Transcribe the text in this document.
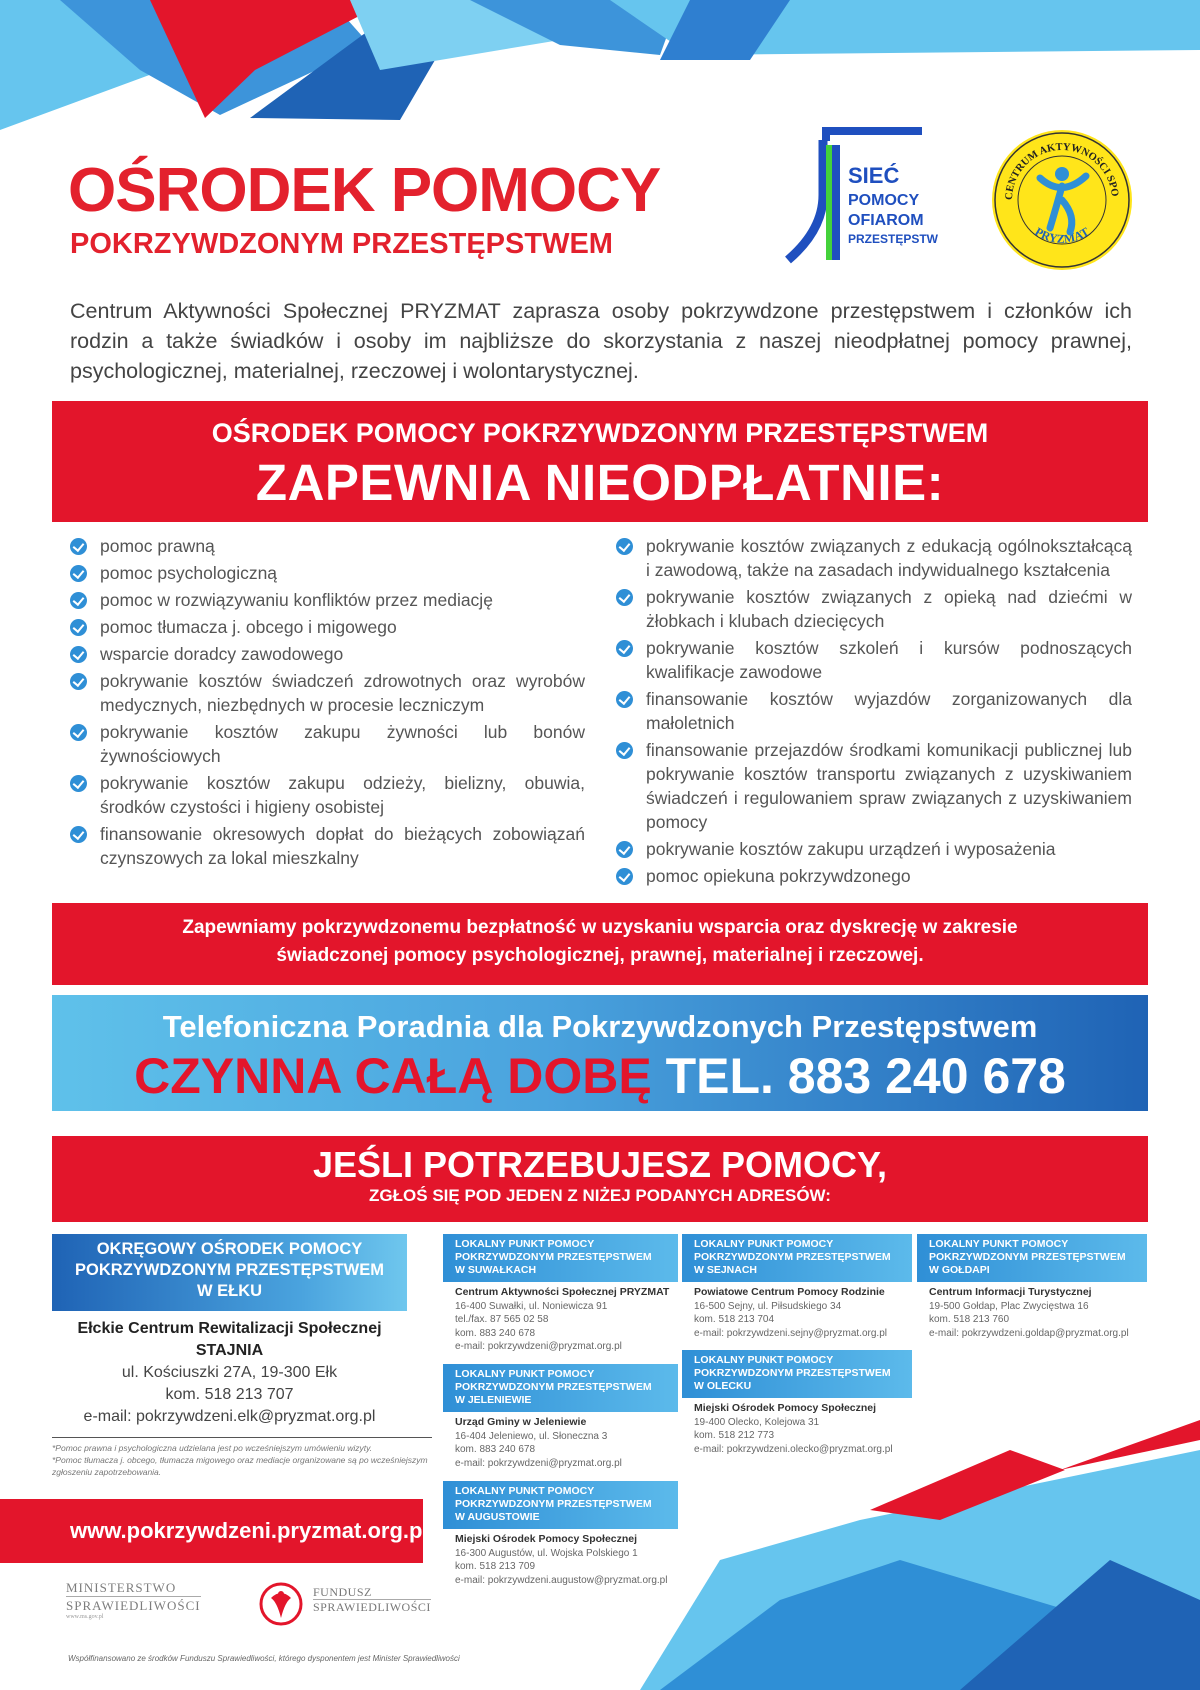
OŚRODEK POMOCY
POKRZYWDZONYM PRZESTĘPSTWEM
SIEĆ
POMOCY
OFIAROM
PRZESTĘPSTW
CENTRUM AKTYWNOŚCI SPO
PRYZMAT
Centrum Aktywności Społecznej PRYZMAT zaprasza osoby pokrzywdzone przestępstwem i członków ich rodzin a także świadków i osoby im najbliższe do skorzystania z naszej nieodpłatnej pomocy prawnej, psychologicznej, materialnej, rzeczowej i wolontarystycznej.
OŚRODEK POMOCY POKRZYWDZONYM PRZESTĘPSTWEM
ZAPEWNIA NIEODPŁATNIE:
pomoc prawną
pomoc psychologiczną
pomoc w rozwiązywaniu konfliktów przez mediację
pomoc tłumacza j. obcego i migowego
wsparcie doradcy zawodowego
pokrywanie kosztów świadczeń zdrowotnych oraz wyrobów medycznych, niezbędnych w procesie leczniczym
pokrywanie kosztów zakupu żywności lub bonów żywnościowych
pokrywanie kosztów zakupu odzieży, bielizny, obuwia, środków czystości i higieny osobistej
finansowanie okresowych dopłat do bieżących zobowiązań czynszowych za lokal mieszkalny
pokrywanie kosztów związanych z edukacją ogólnokształcącą i zawodową, także na zasadach indywidualnego kształcenia
pokrywanie kosztów związanych z opieką nad dziećmi w żłobkach i klubach dziecięcych
pokrywanie kosztów szkoleń i kursów podnoszących kwalifikacje zawodowe
finansowanie kosztów wyjazdów zorganizowanych dla małoletnich
finansowanie przejazdów środkami komunikacji publicznej lub pokrywanie kosztów transportu związanych z uzyskiwaniem świadczeń i regulowaniem spraw związanych z uzyskiwaniem pomocy
pokrywanie kosztów zakupu urządzeń i wyposażenia
pomoc opiekuna pokrzywdzonego
Zapewniamy pokrzywdzonemu bezpłatność w uzyskaniu wsparcia oraz dyskrecję w zakresie świadczonej pomocy psychologicznej, prawnej, materialnej i rzeczowej.
Telefoniczna Poradnia dla Pokrzywdzonych Przestępstwem
CZYNNA CAŁĄ DOBĘ TEL. 883 240 678
JEŚLI POTRZEBUJESZ POMOCY,
ZGŁOŚ SIĘ POD JEDEN Z NIŻEJ PODANYCH ADRESÓW:
OKRĘGOWY OŚRODEK POMOCY
POKRZYWDZONYM PRZESTĘPSTWEM
W EŁKU
Ełckie Centrum Rewitalizacji Społecznej STAJNIA
ul. Kościuszki 27A, 19-300 Ełk
kom. 518 213 707
e-mail: pokrzywdzeni.elk@pryzmat.org.pl
*Pomoc prawna i psychologiczna udzielana jest po wcześniejszym umówieniu wizyty.
*Pomoc tłumacza j. obcego, tłumacza migowego oraz mediacje organizowane są po wcześniejszym zgłoszeniu zapotrzebowania.
www.pokrzywdzeni.pryzmat.org.pl
LOKALNY PUNKT POMOCY
POKRZYWDZONYM PRZESTĘPSTWEM
W SUWAŁKACH
Centrum Aktywności Społecznej PRYZMAT
16-400 Suwałki, ul. Noniewicza 91
tel./fax. 87 565 02 58
kom. 883 240 678
e-mail: pokrzywdzeni@pryzmat.org.pl
LOKALNY PUNKT POMOCY
POKRZYWDZONYM PRZESTĘPSTWEM
W SEJNACH
Powiatowe Centrum Pomocy Rodzinie
16-500 Sejny, ul. Piłsudskiego 34
kom. 518 213 704
e-mail: pokrzywdzeni.sejny@pryzmat.org.pl
LOKALNY PUNKT POMOCY
POKRZYWDZONYM PRZESTĘPSTWEM
W GOŁDAPI
Centrum Informacji Turystycznej
19-500 Gołdap, Plac Zwycięstwa 16
kom. 518 213 760
e-mail: pokrzywdzeni.goldap@pryzmat.org.pl
LOKALNY PUNKT POMOCY
POKRZYWDZONYM PRZESTĘPSTWEM
W JELENIEWIE
Urząd Gminy w Jeleniewie
16-404 Jeleniewo, ul. Słoneczna 3
kom. 883 240 678
e-mail: pokrzywdzeni@pryzmat.org.pl
LOKALNY PUNKT POMOCY
POKRZYWDZONYM PRZESTĘPSTWEM
W OLECKU
Miejski Ośrodek Pomocy Społecznej
19-400 Olecko, Kolejowa 31
kom. 518 212 773
e-mail: pokrzywdzeni.olecko@pryzmat.org.pl
LOKALNY PUNKT POMOCY
POKRZYWDZONYM PRZESTĘPSTWEM
W AUGUSTOWIE
Miejski Ośrodek Pomocy Społecznej
16-300 Augustów, ul. Wojska Polskiego 1
kom. 518 213 709
e-mail: pokrzywdzeni.augustow@pryzmat.org.pl
MINISTERSTWO
SPRAWIEDLIWOŚCI
www.ms.gov.pl
FUNDUSZ
SPRAWIEDLIWOŚCI
Współfinansowano ze środków Funduszu Sprawiedliwości, którego dysponentem jest Minister Sprawiedliwości
